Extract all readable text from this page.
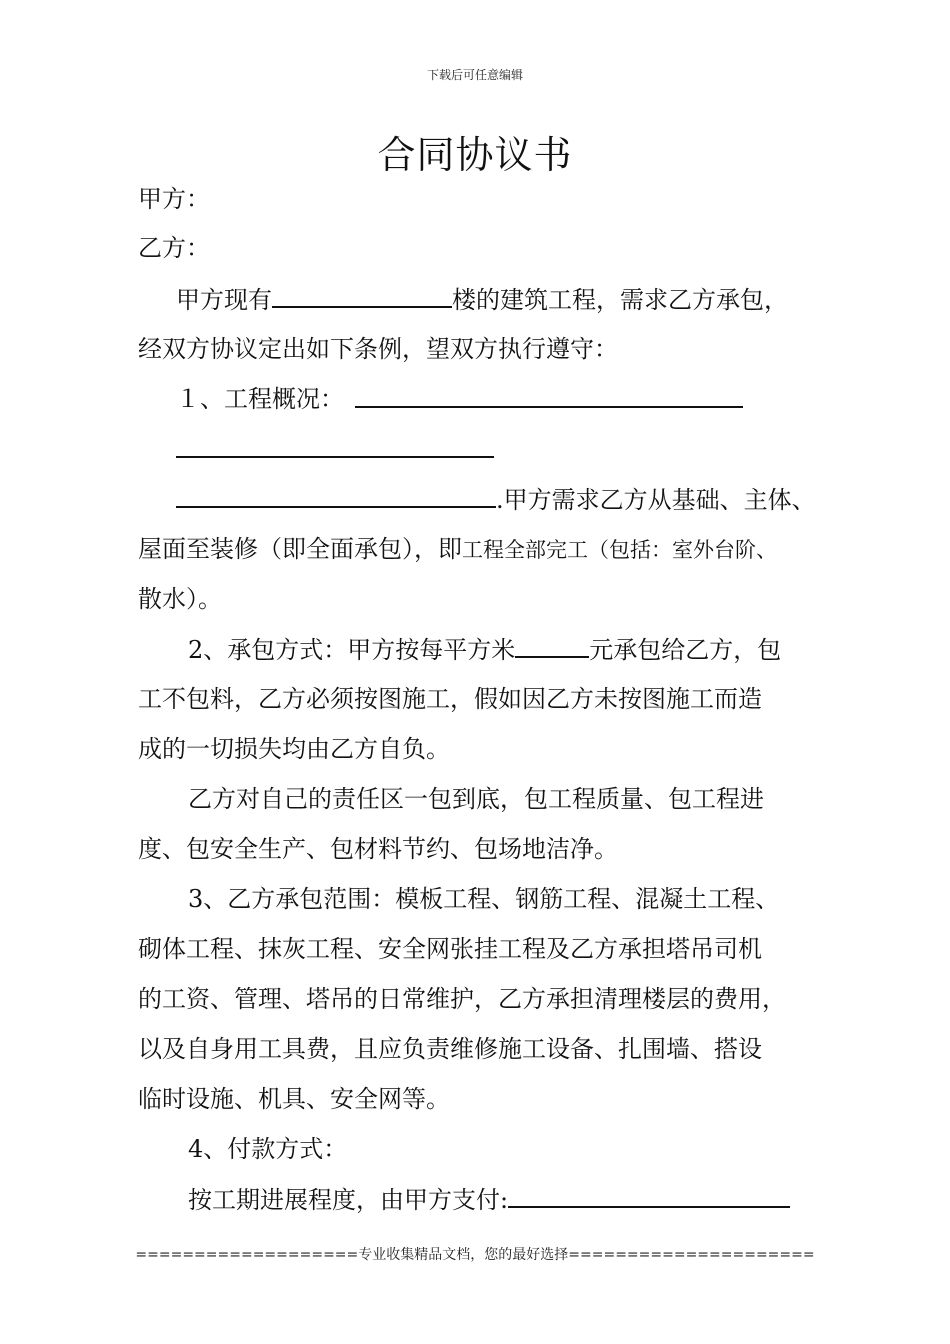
下载后可任意编辑
合同协议书
甲方：
乙方：
甲方现有	楼的建筑工程，需求乙方承包，
经双方协议定出如下条例，望双方执行遵守：
１、工程概况：
.甲方需求乙方从基础、主体、
屋面至装修（即全面承包），即工程全部完工（包括：室外台阶、
散水）。
2、承包方式：甲方按每平方米	元承包给乙方，包
工不包料，乙方必须按图施工，假如因乙方未按图施工而造
成的一切损失均由乙方自负。
乙方对自己的责任区一包到底，包工程质量、包工程进
度、包安全生产、包材料节约、包场地洁净。
3、乙方承包范围：模板工程、钢筋工程、混凝土工程、
砌体工程、抹灰工程、安全网张挂工程及乙方承担塔吊司机
的工资、管理、塔吊的日常维护，乙方承担清理楼层的费用，
以及自身用工具费，且应负责维修施工设备、扎围墙、搭设
临时设施、机具、安全网等。
4、付款方式：
按工期进展程度，由甲方支付:
===================专业收集精品文档，您的最好选择=====================
